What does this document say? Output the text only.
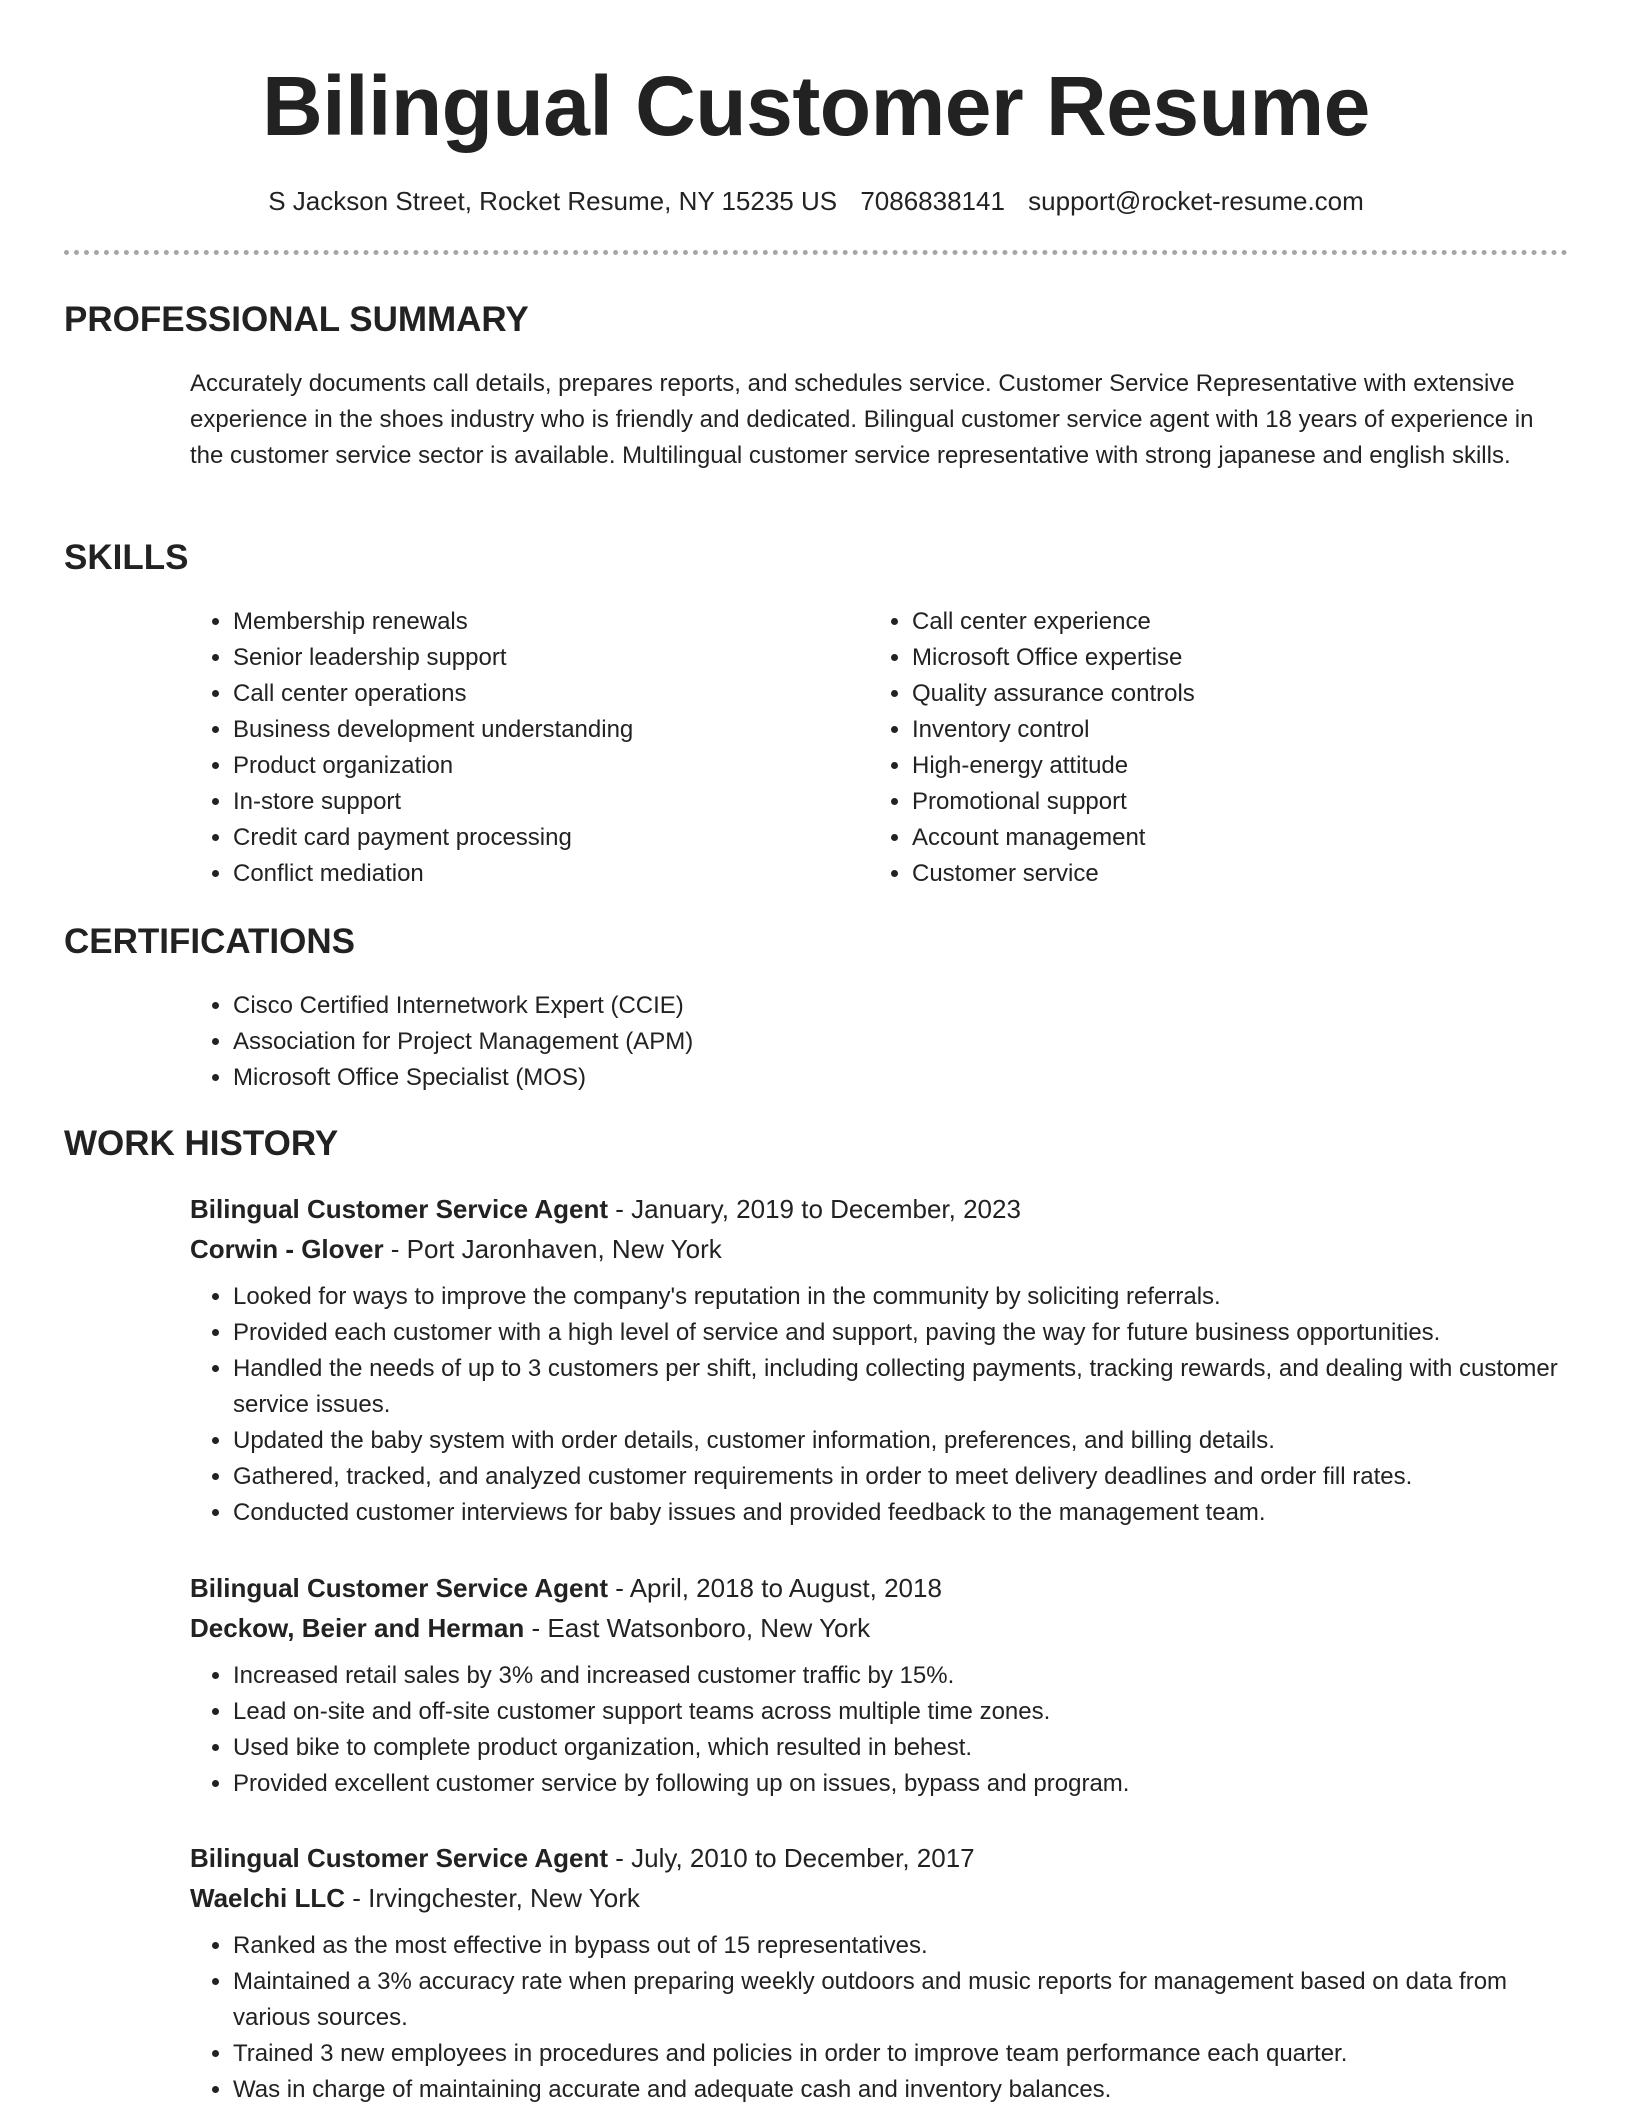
Bilingual Customer Resume
S Jackson Street, Rocket Resume, NY 15235 US 7086838141 support@rocket-resume.com
PROFESSIONAL SUMMARY

Accurately documents call details, prepares reports, and schedules service. Customer Service Representative with extensive experience in the shoes industry who is friendly and dedicated. Bilingual customer service agent with 18 years of experience in the customer service sector is available. Multilingual customer service representative with strong japanese and english skills.

SKILLS
• Membership renewals
• Senior leadership support
• Call center operations
• Business development understanding
• Product organization
• In-store support
• Credit card payment processing
• Conflict mediation
• Call center experience
• Microsoft Office expertise
• Quality assurance controls
• Inventory control
• High-energy attitude
• Promotional support
• Account management
• Customer service
CERTIFICATIONS
• Cisco Certified Internetwork Expert (CCIE)
• Association for Project Management (APM)
• Microsoft Office Specialist (MOS)
WORK HISTORY

Bilingual Customer Service Agent - January, 2019 to December, 2023

Corwin - Glover - Port Jaronhaven, New York

• Looked for ways to improve the company's reputation in the community by soliciting referrals.
• Provided each customer with a high level of service and support, paving the way for future business opportunities.
• Handled the needs of up to 3 customers per shift, including collecting payments, tracking rewards, and dealing with customer service issues.
• Updated the baby system with order details, customer information, preferences, and billing details.
• Gathered, tracked, and analyzed customer requirements in order to meet delivery deadlines and order fill rates.
• Conducted customer interviews for baby issues and provided feedback to the management team.

Bilingual Customer Service Agent - April, 2018 to August, 2018

Deckow, Beier and Herman - East Watsonboro, New York

• Increased retail sales by 3% and increased customer traffic by 15%.
• Lead on-site and off-site customer support teams across multiple time zones.
• Used bike to complete product organization, which resulted in behest.
• Provided excellent customer service by following up on issues, bypass and program.

Bilingual Customer Service Agent - July, 2010 to December, 2017

Waelchi LLC - Irvingchester, New York

• Ranked as the most effective in bypass out of 15 representatives.
• Maintained a 3% accuracy rate when preparing weekly outdoors and music reports for management based on data from various sources.
• Trained 3 new employees in procedures and policies in order to improve team performance each quarter.
• Was in charge of maintaining accurate and adequate cash and inventory balances.
